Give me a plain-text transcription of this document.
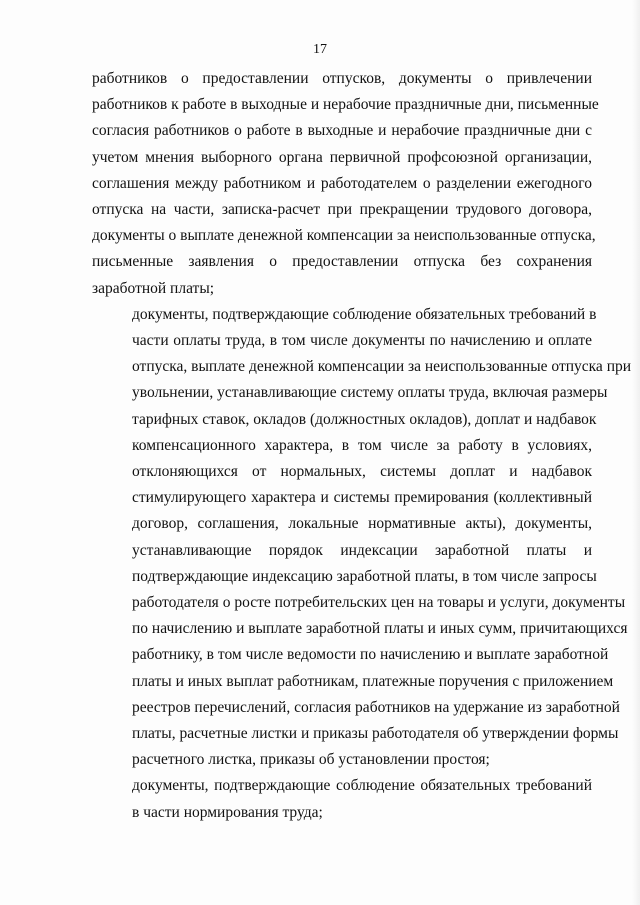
17

работников о предоставлении отпусков, документы о привлечении
работников к работе в выходные и нерабочие праздничные дни, письменные
согласия работников о работе в выходные и нерабочие праздничные дни с
учетом мнения выборного органа первичной профсоюзной организации,
соглашения между работником и работодателем о разделении ежегодного
отпуска на части, записка-расчет при прекращении трудового договора,
документы о выплате денежной компенсации за неиспользованные отпуска,
письменные заявления о предоставлении отпуска без сохранения
заработной платы;

документы, подтверждающие соблюдение обязательных требований в
части оплаты труда, в том числе документы по начислению и оплате
отпуска, выплате денежной компенсации за неиспользованные отпуска при
увольнении, устанавливающие систему оплаты труда, включая размеры
тарифных ставок, окладов (должностных окладов), доплат и надбавок
компенсационного характера, в том числе за работу в условиях,
отклоняющихся от нормальных, системы доплат и надбавок
стимулирующего характера и системы премирования (коллективный
договор, соглашения, локальные нормативные акты), документы,
устанавливающие порядок индексации заработной платы и
подтверждающие индексацию заработной платы, в том числе запросы
работодателя о росте потребительских цен на товары и услуги, документы
по начислению и выплате заработной платы и иных сумм, причитающихся
работнику, в том числе ведомости по начислению и выплате заработной
платы и иных выплат работникам, платежные поручения с приложением
реестров перечислений, согласия работников на удержание из заработной
платы, расчетные листки и приказы работодателя об утверждении формы
расчетного листка, приказы об установлении простоя;

документы, подтверждающие соблюдение обязательных требований
в части нормирования труда;
